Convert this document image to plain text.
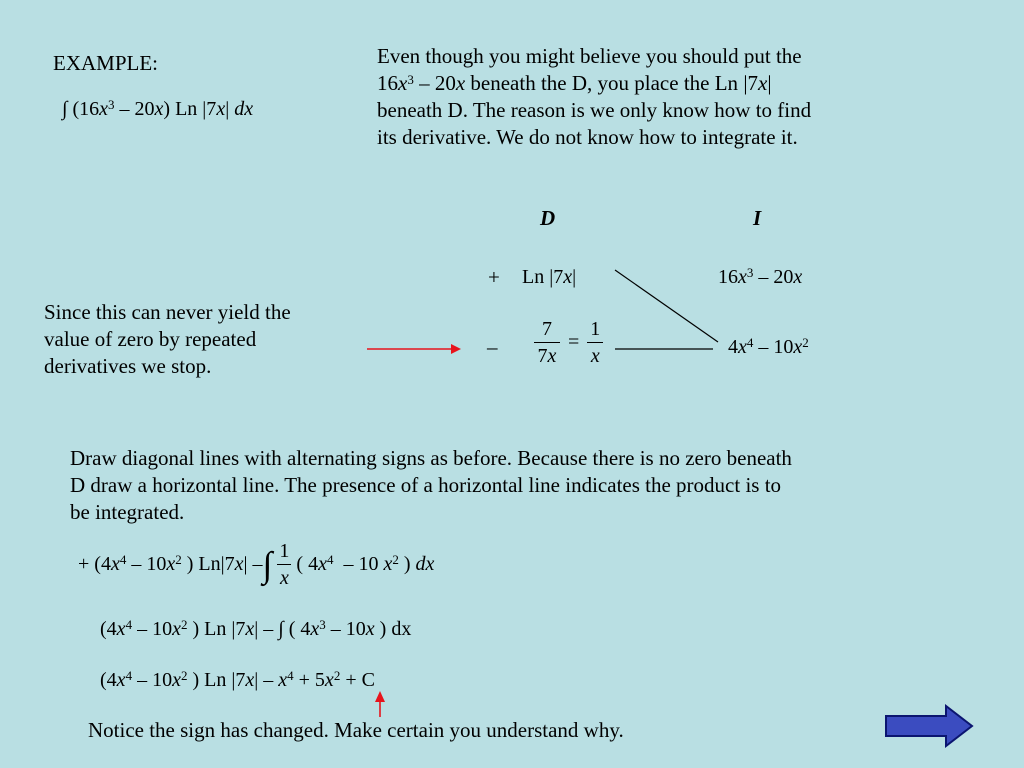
EXAMPLE:
∫ $(16x^3 - 20x)$ Ln |7x| dx
Even though you might believe you should put the
$16x^3 - 20x$ beneath the D, you place the Ln |7x|
beneath D. The reason is we only know how to find
its derivative. We do not know how to integrate it.
D	I
+ Ln |7x|	$16x^3 - 20x$
– $\frac{7}{7x} = \frac{1}{x}$	$4x^4 - 10x^2$
Since this can never yield the
value of zero by repeated
derivatives we stop.
Draw diagonal lines with alternating signs as before. Because there is no zero beneath
D draw a horizontal line. The presence of a horizontal line indicates the product is to
be integrated.
+ ($4x^4 - 10x^2$ ) Ln|7x| –∫ $\frac{1}{x}$ ( $4x^4 - 10$ $x^2$ ) dx
($4x^4 - 10x^2$ ) Ln |7x| – ∫ ( $4x^3 - 10x$ ) dx
($4x^4 - 10x^2$ ) Ln $|7x| - x^4 + 5x^2 + C$
Notice the sign has changed. Make certain you understand why.
